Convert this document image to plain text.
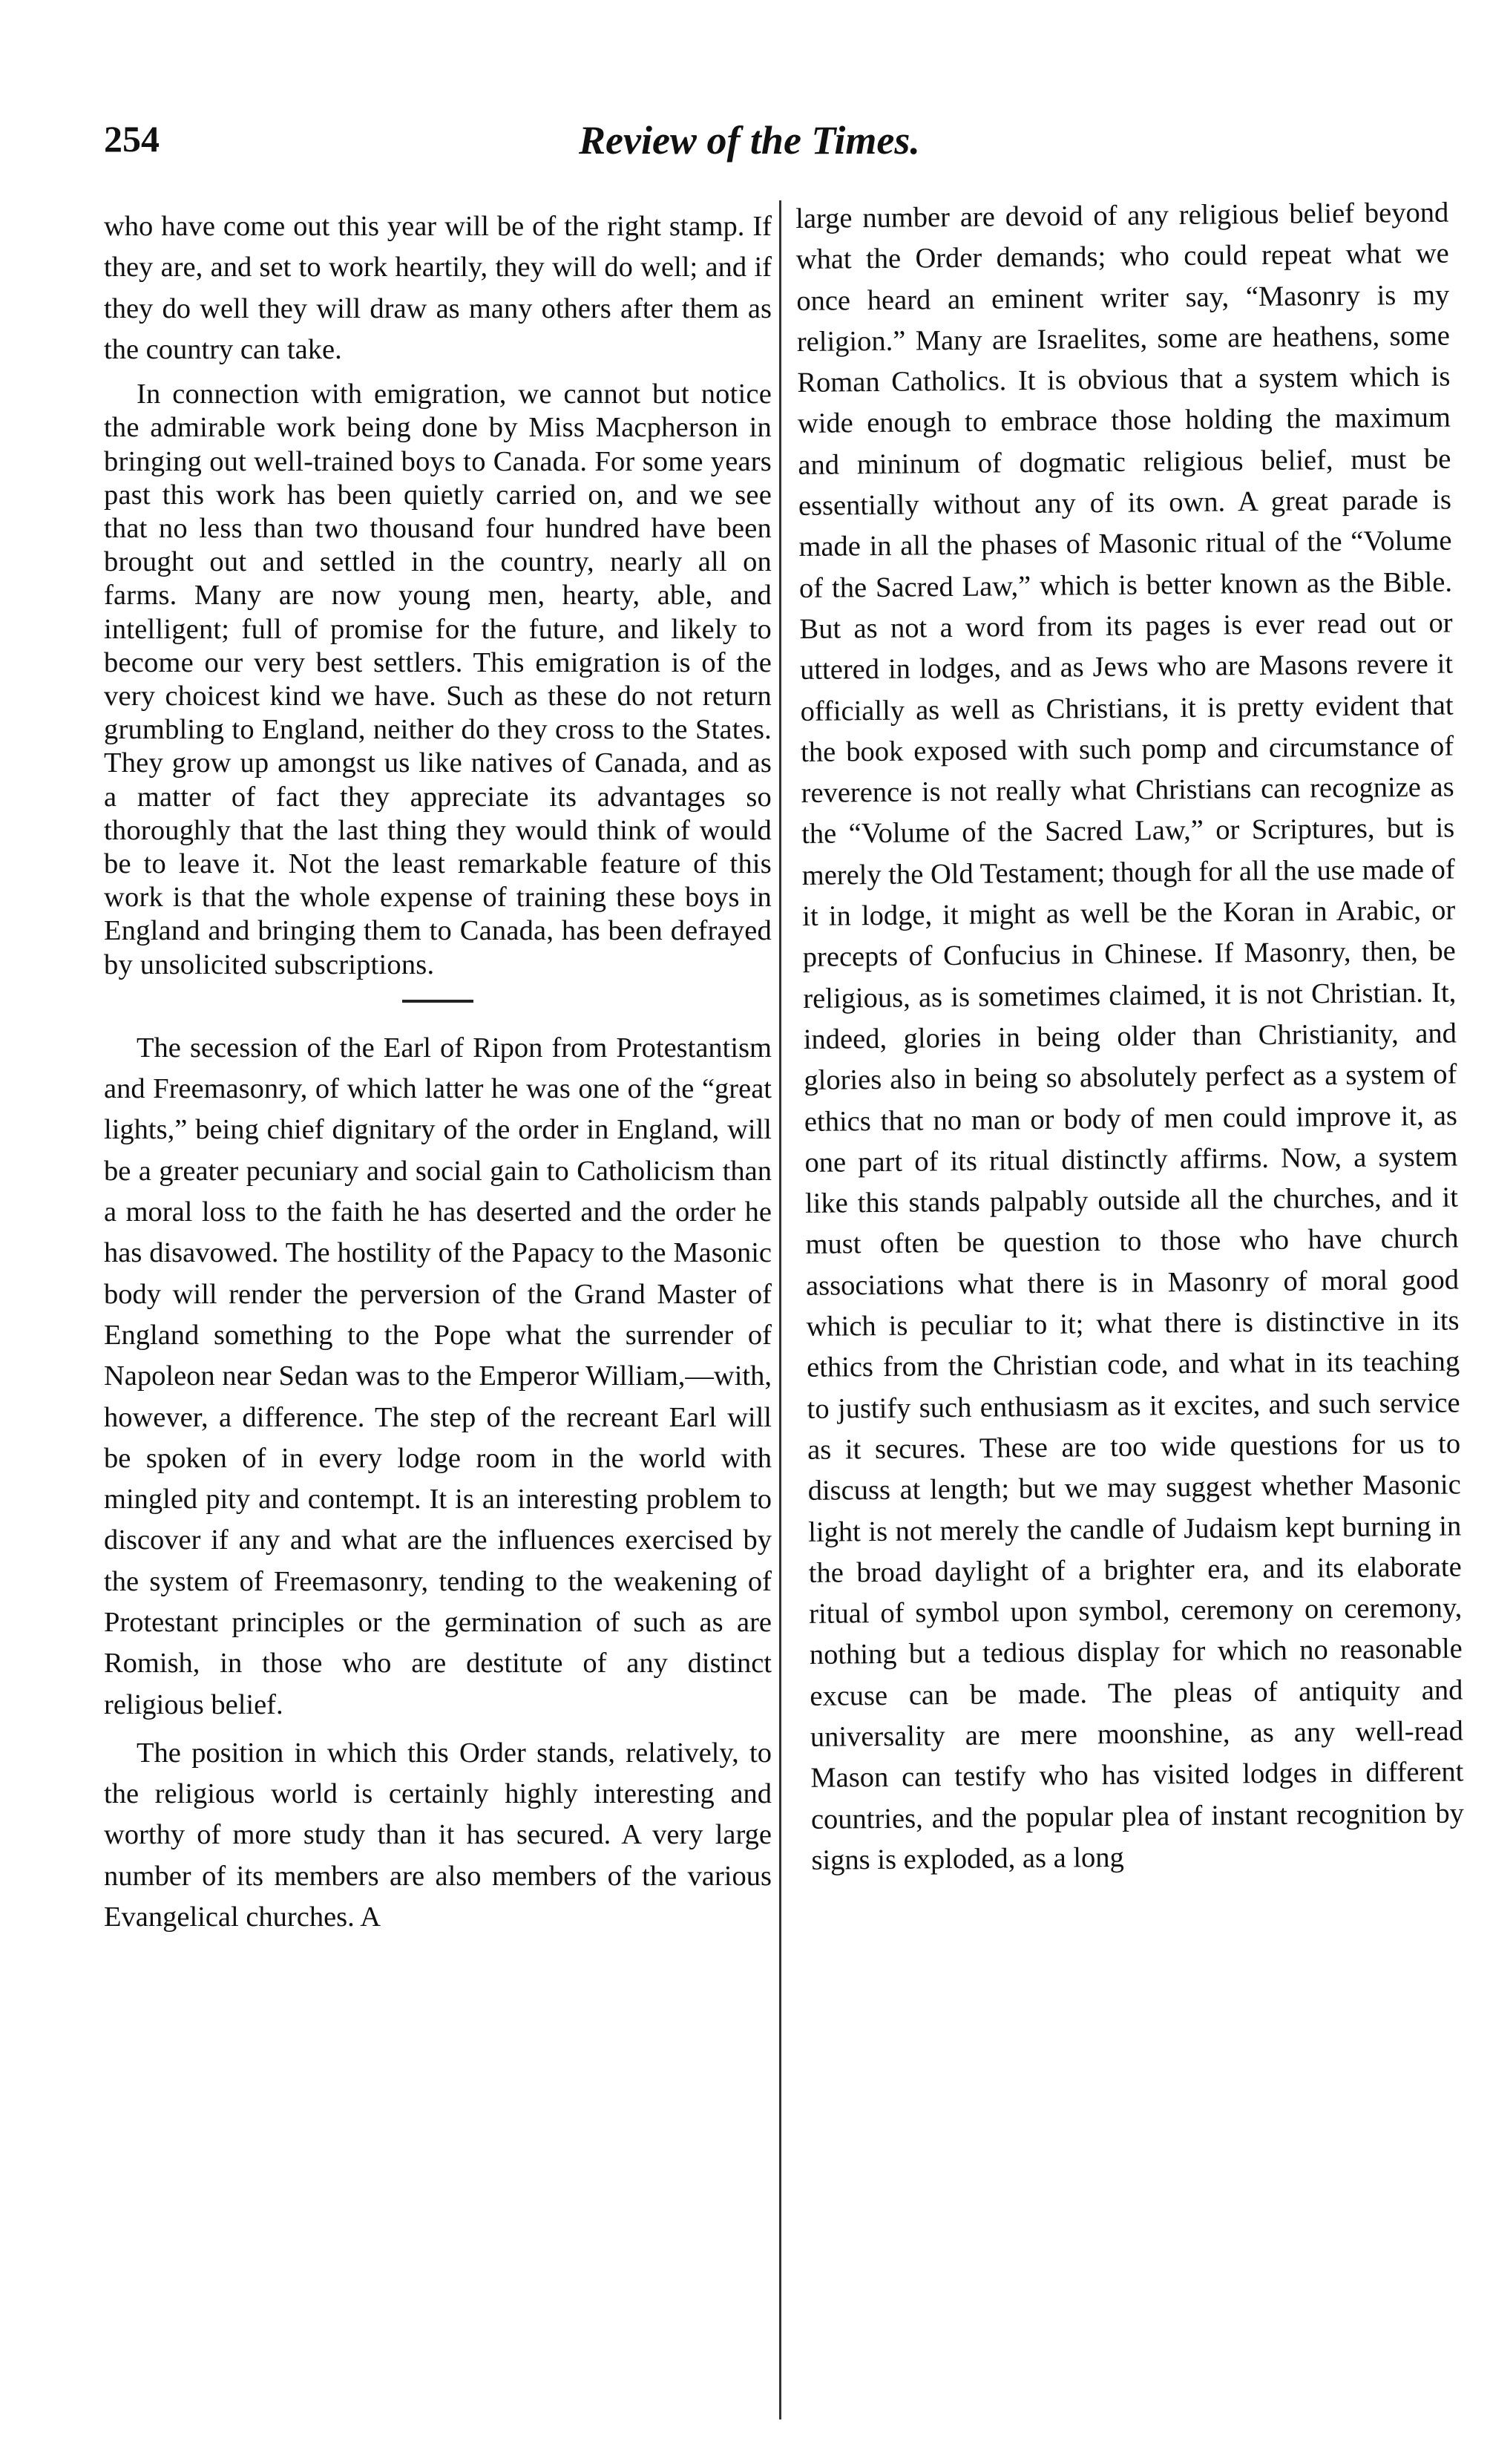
254	Review of the Times.

who have come out this year will be of the right stamp. If they are, and set to work heartily, they will do well; and if they do well they will draw as many others after them as the country can take.

In connection with emigration, we cannot but notice the admirable work being done by Miss Macpherson in bringing out well-trained boys to Canada. For some years past this work has been quietly carried on, and we see that no less than two thousand four hundred have been brought out and settled in the country, nearly all on farms. Many are now young men, hearty, able, and intelligent; full of promise for the future, and likely to become our very best settlers. This emigration is of the very choicest kind we have. Such as these do not return grumbling to England, neither do they cross to the States. They grow up amongst us like natives of Canada, and as a matter of fact they appreciate its advantages so thoroughly that the last thing they would think of would be to leave it. Not the least remarkable feature of this work is that the whole expense of training these boys in England and bringing them to Canada, has been defrayed by unsolicited subscriptions.

The secession of the Earl of Ripon from Protestantism and Freemasonry, of which latter he was one of the “great lights,” being chief dignitary of the order in England, will be a greater pecuniary and social gain to Catholicism than a moral loss to the faith he has deserted and the order he has disavowed. The hostility of the Papacy to the Masonic body will render the perversion of the Grand Master of England something to the Pope what the surrender of Napoleon near Sedan was to the Emperor William,—with, however, a difference. The step of the recreant Earl will be spoken of in every lodge room in the world with mingled pity and contempt. It is an interesting problem to discover if any and what are the influences exercised by the system of Freemasonry, tending to the weakening of Protestant principles or the germination of such as are Romish, in those who are destitute of any distinct religious belief.

The position in which this Order stands, relatively, to the religious world is certainly highly interesting and worthy of more study than it has secured. A very large number of its members are also members of the various Evangelical churches. A

large number are devoid of any religious belief beyond what the Order demands; who could repeat what we once heard an eminent writer say, “Masonry is my religion.” Many are Israelites, some are heathens, some Roman Catholics. It is obvious that a system which is wide enough to embrace those holding the maximum and mininum of dogmatic religious belief, must be essentially without any of its own. A great parade is made in all the phases of Masonic ritual of the “Volume of the Sacred Law,” which is better known as the Bible. But as not a word from its pages is ever read out or uttered in lodges, and as Jews who are Masons revere it officially as well as Christians, it is pretty evident that the book exposed with such pomp and circumstance of reverence is not really what Christians can recognize as the “Volume of the Sacred Law,” or Scriptures, but is merely the Old Testament; though for all the use made of it in lodge, it might as well be the Koran in Arabic, or precepts of Confucius in Chinese. If Masonry, then, be religious, as is sometimes claimed, it is not Christian. It, indeed, glories in being older than Christianity, and glories also in being so absolutely perfect as a system of ethics that no man or body of men could improve it, as one part of its ritual distinctly affirms. Now, a system like this stands palpably outside all the churches, and it must often be question to those who have church associations what there is in Masonry of moral good which is peculiar to it; what there is distinctive in its ethics from the Christian code, and what in its teaching to justify such enthusiasm as it excites, and such service as it secures. These are too wide questions for us to discuss at length; but we may suggest whether Masonic light is not merely the candle of Judaism kept burning in the broad daylight of a brighter era, and its elaborate ritual of symbol upon symbol, ceremony on ceremony, nothing but a tedious display for which no reasonable excuse can be made. The pleas of antiquity and universality are mere moonshine, as any well-read Mason can testify who has visited lodges in different countries, and the popular plea of instant recognition by signs is exploded, as a long
